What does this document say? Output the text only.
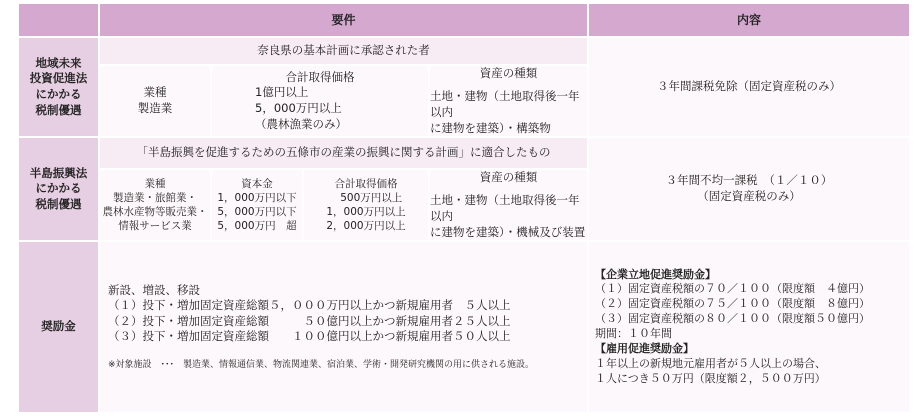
要件	内容
地域未来
投資促進法
にかかる
税制優遇
奈良県の基本計画に承認された者
業種
製造業
合計取得価格
1億円以上
5，000万円以上
（農林漁業のみ）
資産の種類
土地・建物（土地取得後一年以内
に建物を建築）・構築物
３年間課税免除（固定資産税のみ）
半島振興法
にかかる
税制優遇
「半島振興を促進するための五條市の産業の振興に関する計画」に適合したもの
業種
製造業・旅館業・
農林水産物等販売業・
情報サービス業
資本金
1，000万円以下
5，000万円以下
5，000万円　超
合計取得価格
　500万円以上
1，000万円以上
2，000万円以上
資産の種類
土地・建物（土地取得後一年以内
に建物を建築）・機械及び装置
３年間不均一課税　（１／１０）
（固定資産税のみ）
奨励金
新設、増設、移設
（１）投下・増加固定資産総額５，０００万円以上かつ新規雇用者　５人以上
（２）投下・増加固定資産総額　　　５０億円以上かつ新規雇用者２５人以上
（３）投下・増加固定資産総額　　１００億円以上かつ新規雇用者５０人以上
※対象施設　･･･　製造業、情報通信業、物流関連業、宿泊業、学術・開発研究機関の用に供される施設。
【企業立地促進奨励金】
（１）固定資産税額の７０／１００（限度額　４億円）
（２）固定資産税額の７５／１００（限度額　８億円）
（３）固定資産税額の８０／１００（限度額５０億円）
期間：１０年間
【雇用促進奨励金】
１年以上の新規地元雇用者が５人以上の場合、
１人につき５０万円（限度額２，５００万円）
